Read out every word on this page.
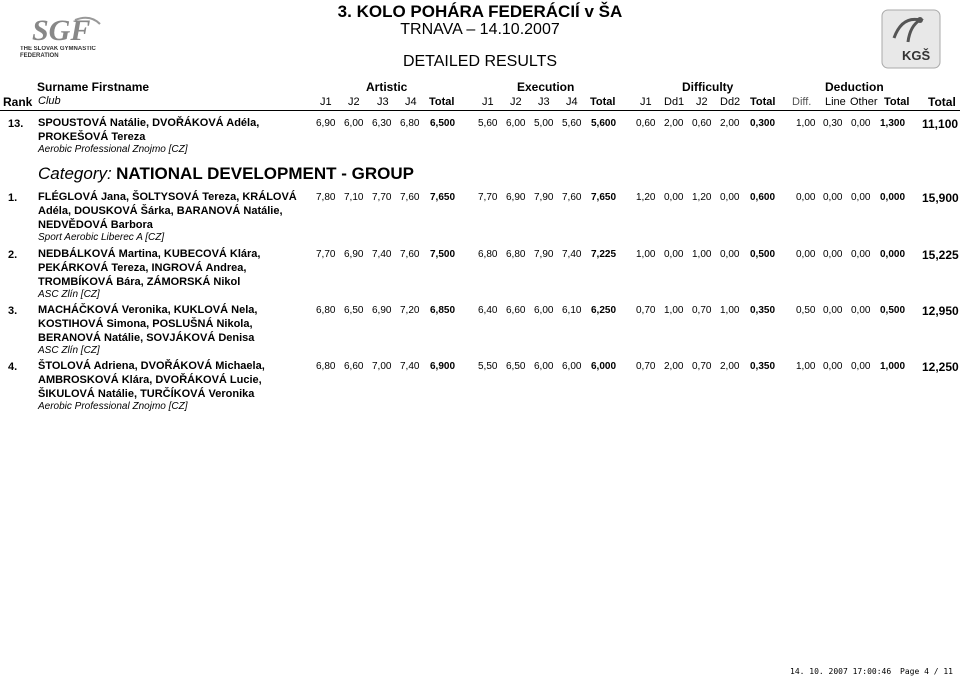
SGF
THE SLOVAK GYMNASTIC FEDERATION	KGŠ
3. KOLO POHÁRA FEDERÁCIÍ v ŠA
TRNAVA – 14.10.2007
DETAILED RESULTS
Surname Firstname
Rank Club
Artistic	Execution	Difficulty	Deduction
J1 J2 J3 J4 Total	J1 J2 J3 J4 Total J1 Dd1 J2 Dd2 Total Diff. Line Other Total Total
13. SPOUSTOVÁ Natálie, DVOŘÁKOVÁ Adéla, PROKEŠOVÁ Tereza
Aerobic Professional Znojmo [CZ]
6,90 6,00 6,30 6,80 6,500 5,60 6,00 5,00 5,60 5,600 0,60 2,00 0,60 2,00 0,300 1,00 0,30 0,00 1,300 11,100
Category: NATIONAL DEVELOPMENT - GROUP
1. FLÉGLOVÁ Jana, ŠOLTYSOVÁ Tereza, KRÁLOVÁ Adéla, DOUSKOVÁ Šárka, BARANOVÁ Natálie, NEDVĚDOVÁ Barbora
Sport Aerobic Liberec A [CZ]
7,80 7,10 7,70 7,60 7,650 7,70 6,90 7,90 7,60 7,650 1,20 0,00 1,20 0,00 0,600 0,00 0,00 0,00 0,000 15,900
2. NEDBÁLKOVÁ Martina, KUBECOVÁ Klára, PEKÁRKOVÁ Tereza, INGROVÁ Andrea, TROMBÍKOVÁ Bára, ZÁMORSKÁ Nikol
ASC Zlín [CZ]
7,70 6,90 7,40 7,60 7,500 6,80 6,80 7,90 7,40 7,225 1,00 0,00 1,00 0,00 0,500 0,00 0,00 0,00 0,000 15,225
3. MACHÁČKOVÁ Veronika, KUKLOVÁ Nela, KOSTIHOVÁ Simona, POSLUŠNÁ Nikola, BERANOVÁ Natálie, SOVJÁKOVÁ Denisa
ASC Zlín [CZ]
6,80 6,50 6,90 7,20 6,850 6,40 6,60 6,00 6,10 6,250 0,70 1,00 0,70 1,00 0,350 0,50 0,00 0,00 0,500 12,950
4. ŠTOLOVÁ Adriena, DVOŘÁKOVÁ Michaela, AMBROSKOVÁ Klára, DVOŘÁKOVÁ Lucie, ŠIKULOVÁ Natálie, TURČÍKOVÁ Veronika
Aerobic Professional Znojmo [CZ]
6,80 6,60 7,00 7,40 6,900 5,50 6,50 6,00 6,00 6,000 0,70 2,00 0,70 2,00 0,350 1,00 0,00 0,00 1,000 12,250
14. 10. 2007 17:00:46 Page 4 / 11
